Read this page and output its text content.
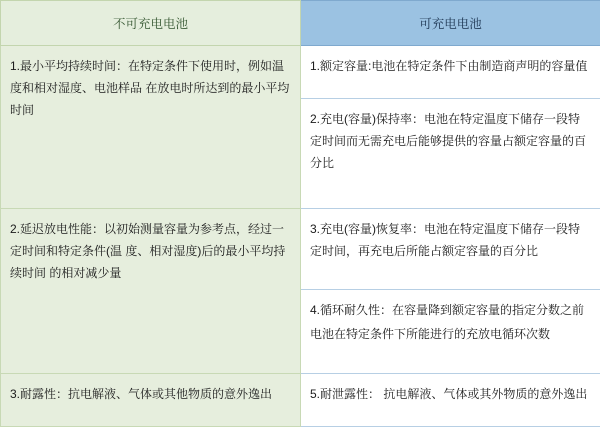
不可充电电池	可充电电池

1.最小平均持续时间：在特定条件下使用时，例如温度和相对湿度、电池样品 在放电时所达到的最小平均时间	1.额定容量:电池在特定条件下由制造商声明的容量值

	2.充电(容量)保持率：电池在特定温度下储存一段特定时间而无需充电后能够提供的容量占额定容量的百分比

2.延迟放电性能：以初始测量容量为参考点，经过一定时间和特定条件(温 度、相对湿度)后的最小平均持续时间 的相对减少量	3.充电(容量)恢复率：电池在特定温度下储存一段特定时间，再充电后所能占额定容量的百分比

	4.循环耐久性：在容量降到额定容量的指定分数之前
电池在特定条件下所能进行的充放电循环次数

3.耐露性：抗电解液、气体或其他物质的意外逸出	5.耐泄露性： 抗电解液、气体或其外物质的意外逸出
